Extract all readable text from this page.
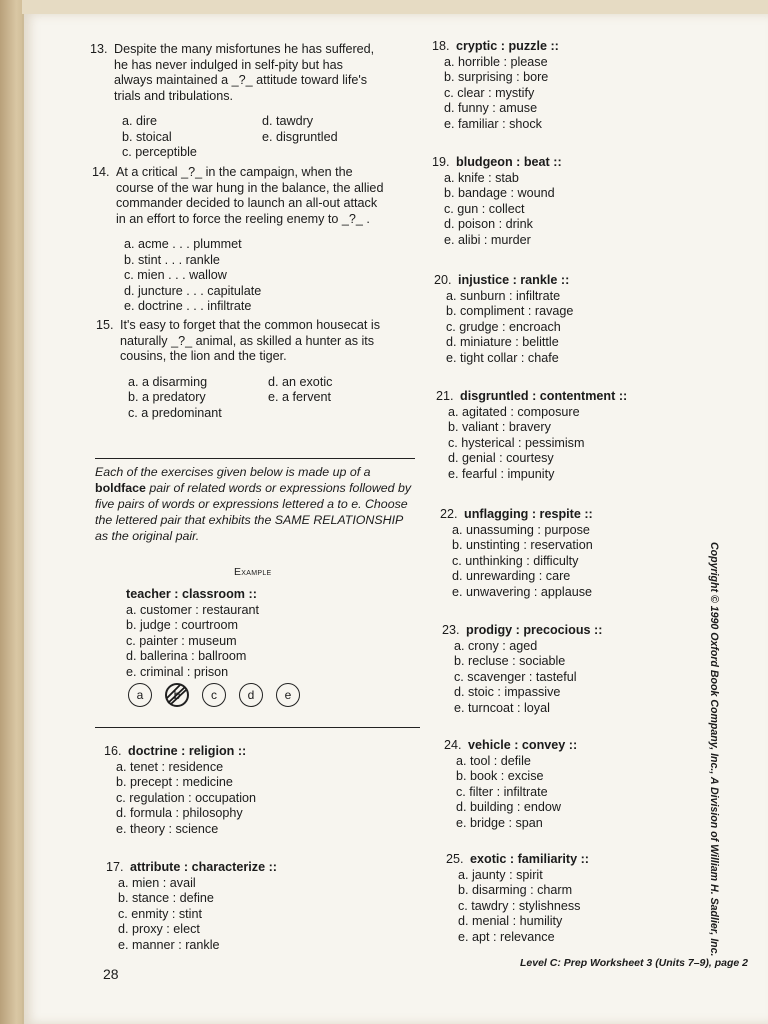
13. Despite the many misfortunes he has suffered,
he has never indulged in self-pity but has
always maintained a _?_ attitude toward life's
trials and tribulations.
a. dire	d. tawdry
b. stoical	e. disgruntled
c. perceptible
14. At a critical _?_ in the campaign, when the
course of the war hung in the balance, the allied
commander decided to launch an all-out attack
in an effort to force the reeling enemy to _?_ .
a. acme . . . plummet
b. stint . . . rankle
c. mien . . . wallow
d. juncture . . . capitulate
e. doctrine . . . infiltrate
15. It's easy to forget that the common housecat is
naturally _?_ animal, as skilled a hunter as its
cousins, the lion and the tiger.
a. a disarming	d. an exotic
b. a predatory	e. a fervent
c. a predominant
Each of the exercises given below is made up of a
boldface pair of related words or expressions followed by five pairs of words or expressions lettered a to e. Choose the lettered pair that exhibits the SAME RELATIONSHIP as the original pair.
Example
teacher : classroom ::
a. customer : restaurant
b. judge : courtroom
c. painter : museum
d. ballerina : ballroom
e. criminal : prison
a	b	c	d	e
16. doctrine : religion ::
a. tenet : residence
b. precept : medicine
c. regulation : occupation
d. formula : philosophy
e. theory : science
17. attribute : characterize ::
a. mien : avail
b. stance : define
c. enmity : stint
d. proxy : elect
e. manner : rankle
18. cryptic : puzzle ::
a. horrible : please
b. surprising : bore
c. clear : mystify
d. funny : amuse
e. familiar : shock
19. bludgeon : beat ::
a. knife : stab
b. bandage : wound
c. gun : collect
d. poison : drink
e. alibi : murder
20. injustice : rankle ::
a. sunburn : infiltrate
b. compliment : ravage
c. grudge : encroach
d. miniature : belittle
e. tight collar : chafe
21. disgruntled : contentment ::
a. agitated : composure
b. valiant : bravery
c. hysterical : pessimism
d. genial : courtesy
e. fearful : impunity
22. unflagging : respite ::
a. unassuming : purpose
b. unstinting : reservation
c. unthinking : difficulty
d. unrewarding : care
e. unwavering : applause
23. prodigy : precocious ::
a. crony : aged
b. recluse : sociable
c. scavenger : tasteful
d. stoic : impassive
e. turncoat : loyal
24. vehicle : convey ::
a. tool : defile
b. book : excise
c. filter : infiltrate
d. building : endow
e. bridge : span
25. exotic : familiarity ::
a. jaunty : spirit
b. disarming : charm
c. tawdry : stylishness
d. menial : humility
e. apt : relevance
28
Level C: Prep Worksheet 3 (Units 7–9), page 2
Copyright © 1990 Oxford Book Company, Inc., A Division of William H. Sadlier, Inc.
